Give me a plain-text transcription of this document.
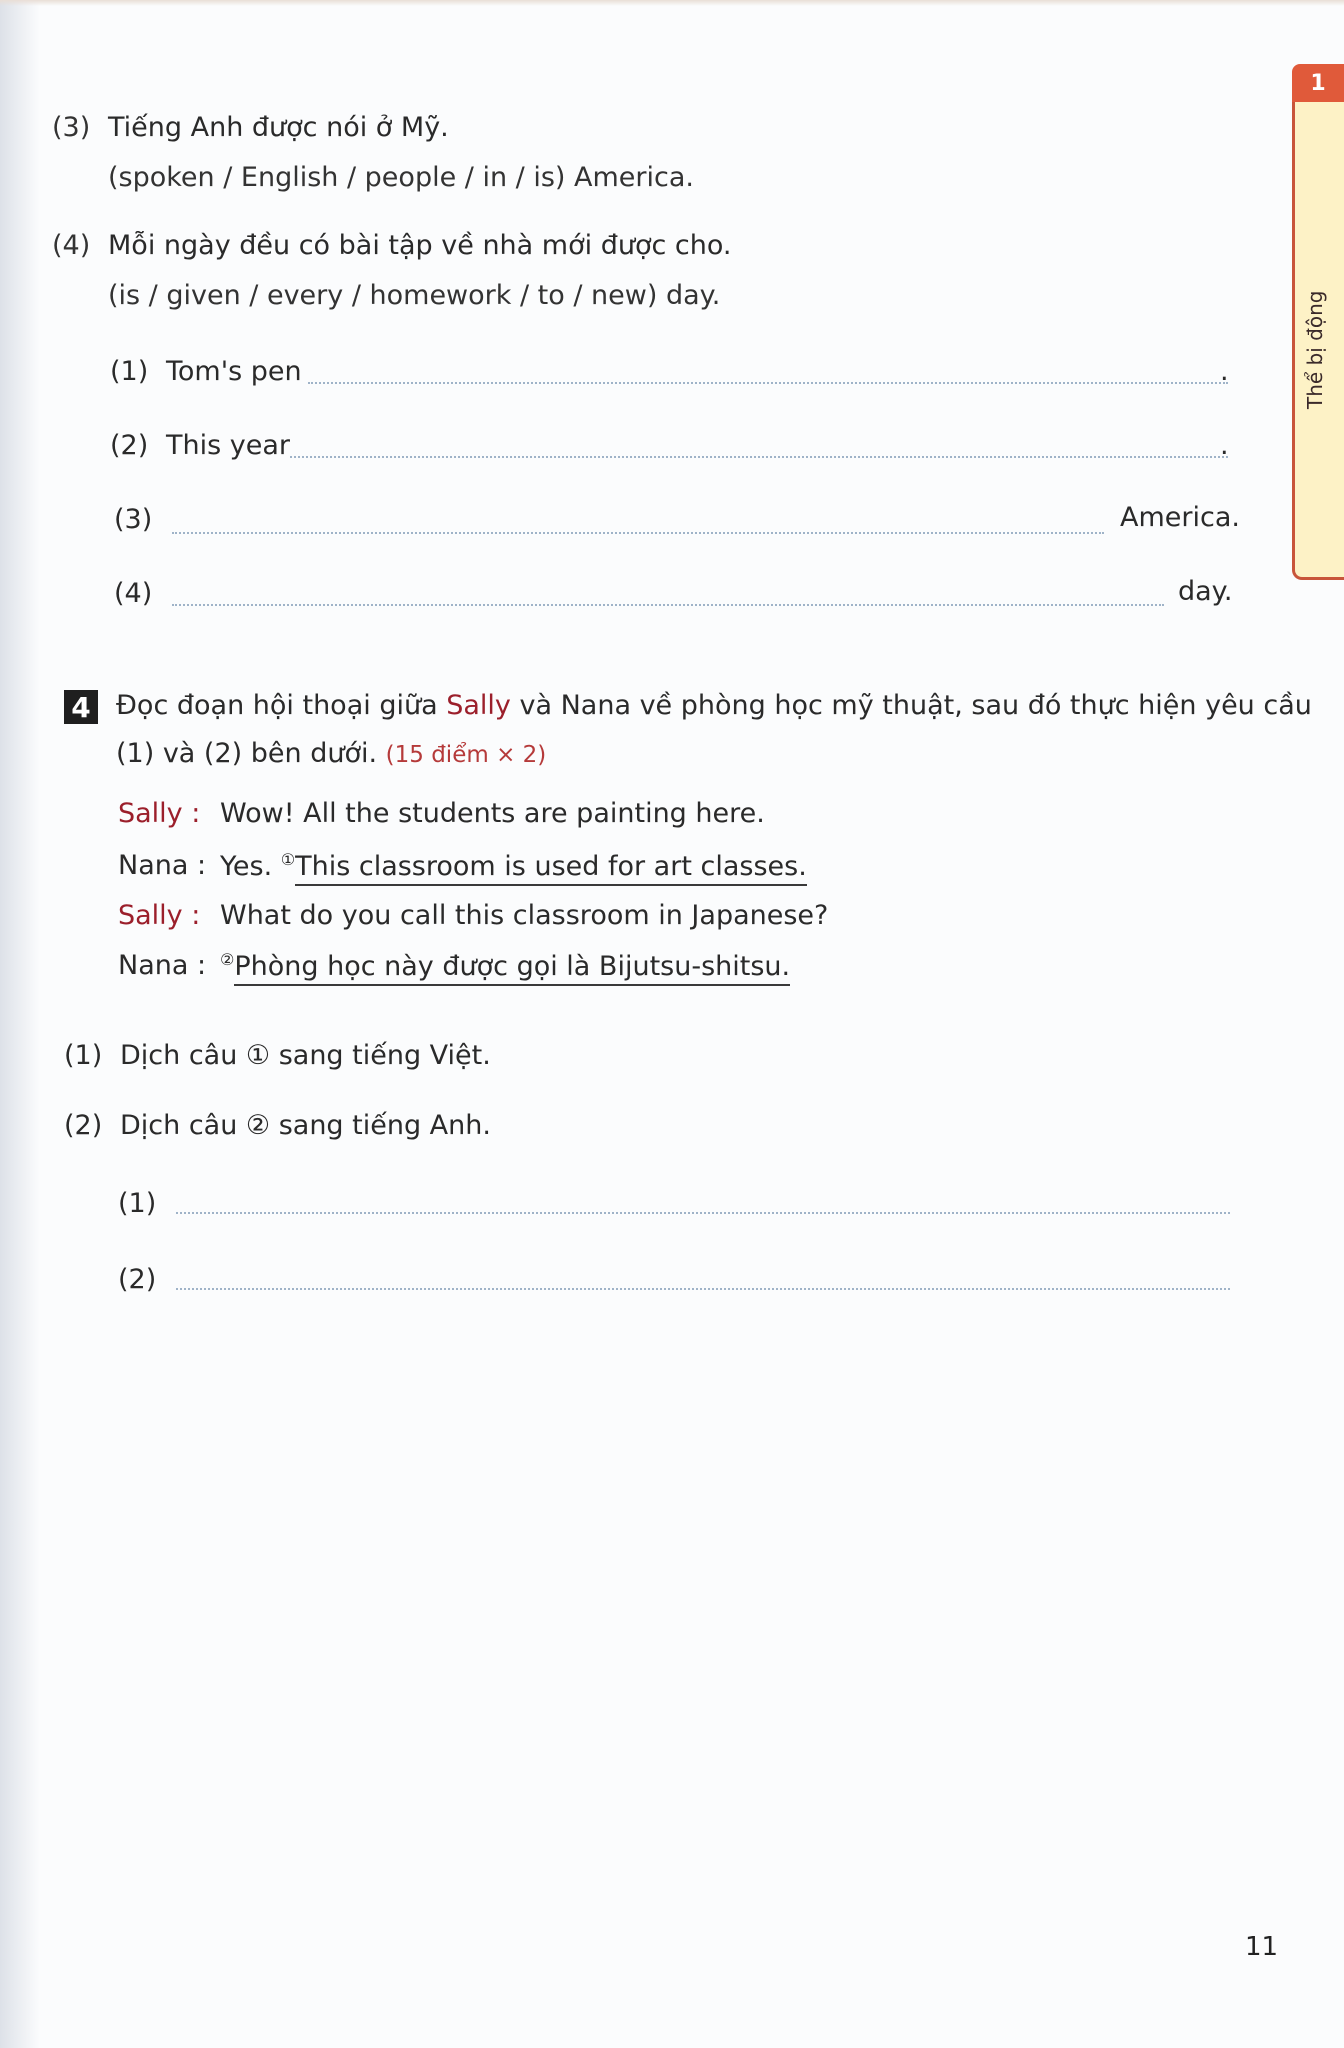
(3) Tiếng Anh được nói ở Mỹ.
(spoken / English / people / in / is) America.
(4) Mỗi ngày đều có bài tập về nhà mới được cho.
(is / given / every / homework / to / new) day.
(1) Tom's pen	.
(2) This year	.
(3)	America.
(4)	day.
4 Đọc đoạn hội thoại giữa Sally và Nana về phòng học mỹ thuật, sau đó thực hiện yêu cầu
(1) và (2) bên dưới. (15 điểm × 2)
Sally : Wow! All the students are painting here.
Nana : Yes. ①This classroom is used for art classes.
Sally : What do you call this classroom in Japanese?
Nana : ②Phòng học này được gọi là Bijutsu-shitsu.
(1) Dịch câu ① sang tiếng Việt.
(2) Dịch câu ② sang tiếng Anh.
(1)
(2)
1
Thể bị động
11
